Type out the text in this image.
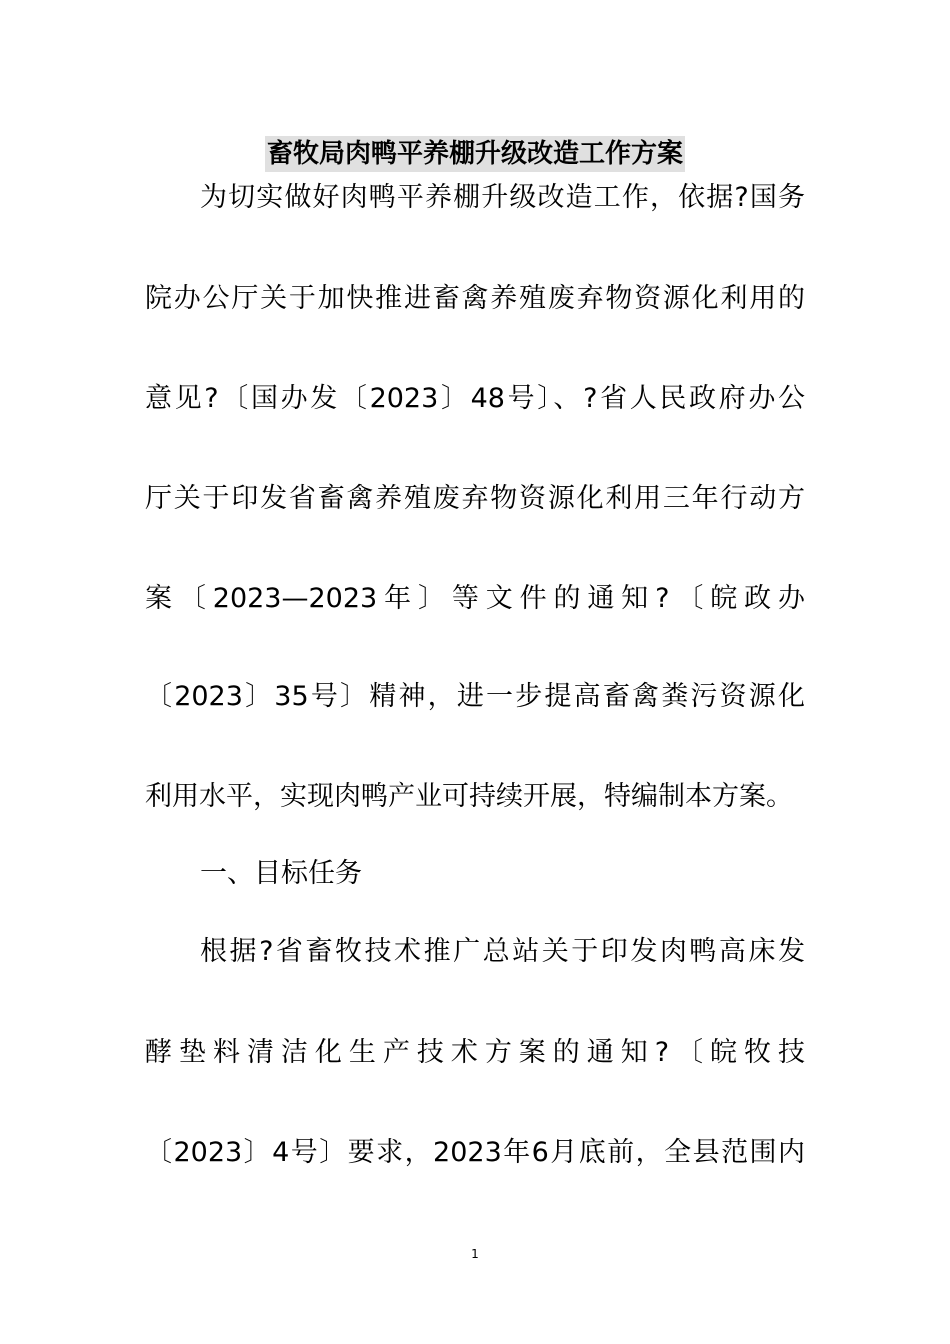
畜牧局肉鸭平养棚升级改造工作方案

为切实做好肉鸭平养棚升级改造工作，依据?国务

院办公厅关于加快推进畜禽养殖废弃物资源化利用的

意见?〔国办发〔2023〕48号〕、?省人民政府办公

厅关于印发省畜禽养殖废弃物资源化利用三年行动方

案〔2023—2023年〕等文件的通知?〔皖政办

〔2023〕35号〕精神，进一步提高畜禽粪污资源化

利用水平，实现肉鸭产业可持续开展，特编制本方案。

一、目标任务

根据?省畜牧技术推广总站关于印发肉鸭高床发

酵垫料清洁化生产技术方案的通知?〔皖牧技

〔2023〕4号〕要求，2023年6月底前，全县范围内

1
